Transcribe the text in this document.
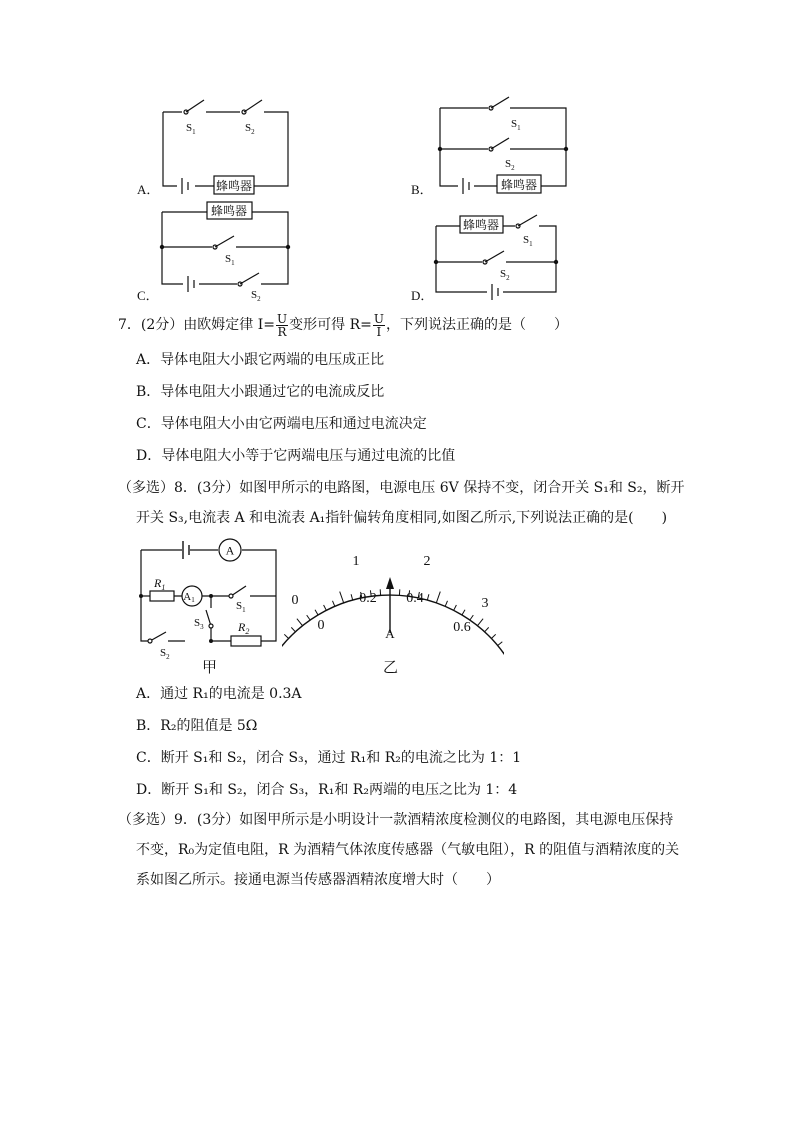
蜂鸣器	蜂鸣器
蜂鸣器
蜂鸣器
$S_1$	$S_2$
$S_1$
$S_2$
$S_1$
$S_2$
$S_1$
$S_2$
A．	B．
C．	D．
7．(2分）由欧姆定律 $I= \frac{U}{R}$ 变形可得 $R= \frac{U}{I}$ ，下列说法正确的是（　　）
A．导体电阻大小跟它两端的电压成正比
B．导体电阻大小跟通过它的电流成反比
C．导体电阻大小由它两端电压和通过电流决定
D．导体电阻大小等于它两端电压与通过电流的比值
（多选）8．(3分）如图甲所示的电路图，电源电压 6V 保持不变，闭合开关 S₁和 S₂，断开
开关 S₃,电流表 A 和电流表 A₁指针偏转角度相同,如图乙所示,下列说法正确的是(　　)
A
A1
$R_1$
$R_2$
$S_1$
$S_3$
$S_2$
甲
0
1	2
3
0
0.2 0.4
0.6
A
乙
A．通过 R₁的电流是 0.3A
B．R₂的阻值是 5Ω
C．断开 S₁和 S₂，闭合 S₃，通过 R₁和 R₂的电流之比为 1：1
D．断开 S₁和 S₂，闭合 S₃，R₁和 R₂两端的电压之比为 1：4
（多选）9．(3分）如图甲所示是小明设计一款酒精浓度检测仪的电路图，其电源电压保持
不变，R₀为定值电阻，R 为酒精气体浓度传感器（气敏电阻），R 的阻值与酒精浓度的关
系如图乙所示。接通电源当传感器酒精浓度增大时（　　）
